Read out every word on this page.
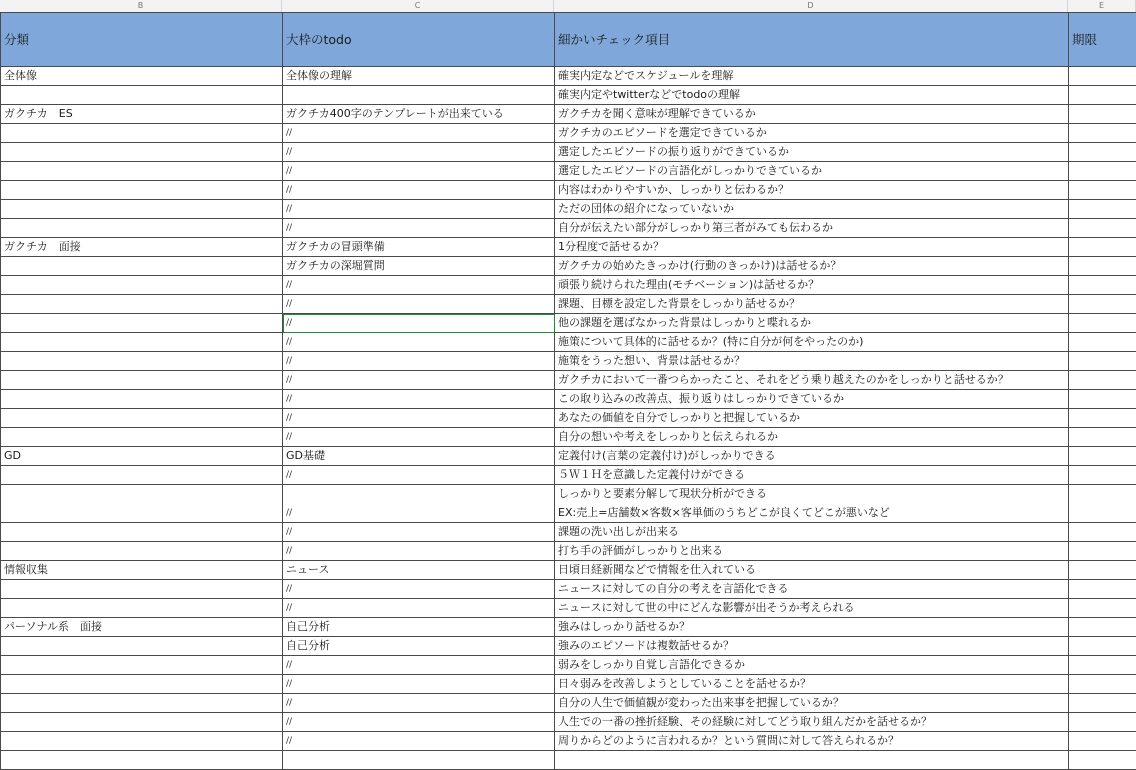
B	C	D	E
分類	大枠のtodo	細かいチェック項目	期限
全体像	全体像の理解	確実内定などでスケジュールを理解	
		確実内定やtwitterなどでtodoの理解	
ガクチカ　ES	ガクチカ400字のテンプレートが出来ている	ガクチカを聞く意味が理解できているか	
	//	ガクチカのエピソードを選定できているか	
	//	選定したエピソードの振り返りができているか	
	//	選定したエピソードの言語化がしっかりできているか	
	//	内容はわかりやすいか、しっかりと伝わるか？	
	//	ただの団体の紹介になっていないか	
	//	自分が伝えたい部分がしっかり第三者がみても伝わるか	
ガクチカ　面接	ガクチカの冒頭準備	1分程度で話せるか？	
	ガクチカの深堀質問	ガクチカの始めたきっかけ(行動のきっかけ)は話せるか？	
	//	頑張り続けられた理由(モチベーション)は話せるか？	
	//	課題、目標を設定した背景をしっかり話せるか？	
	//	他の課題を選ばなかった背景はしっかりと喋れるか	
	//	施策について具体的に話せるか？(特に自分が何をやったのか)	
	//	施策をうった想い、背景は話せるか？	
	//	ガクチカにおいて一番つらかったこと、それをどう乗り越えたのかをしっかりと話せるか？	
	//	この取り込みの改善点、振り返りはしっかりできているか	
	//	あなたの価値を自分でしっかりと把握しているか	
	//	自分の想いや考えをしっかりと伝えられるか	
GD	GD基礎	定義付け(言葉の定義付け)がしっかりできる	
	//	５Ｗ１Ｈを意識した定義付けができる	
	//	しっかりと要素分解して現状分析ができる
EX:売上=店舗数×客数×客単価のうちどこが良くてどこが悪いなど	

	//	課題の洗い出しが出来る	
	//	打ち手の評価がしっかりと出来る	
情報収集	ニュース	日頃日経新聞などで情報を仕入れている	
	//	ニュースに対しての自分の考えを言語化できる	
	//	ニュースに対して世の中にどんな影響が出そうか考えられる	
パーソナル系　面接	自己分析	強みはしっかり話せるか？	
	自己分析	強みのエピソードは複数話せるか？	
	//	弱みをしっかり自覚し言語化できるか	
	//	日々弱みを改善しようとしていることを話せるか？	
	//	自分の人生で価値観が変わった出来事を把握しているか？	
	//	人生での一番の挫折経験、その経験に対してどう取り組んだかを話せるか？	
	//	周りからどのように言われるか？という質問に対して答えられるか？	
